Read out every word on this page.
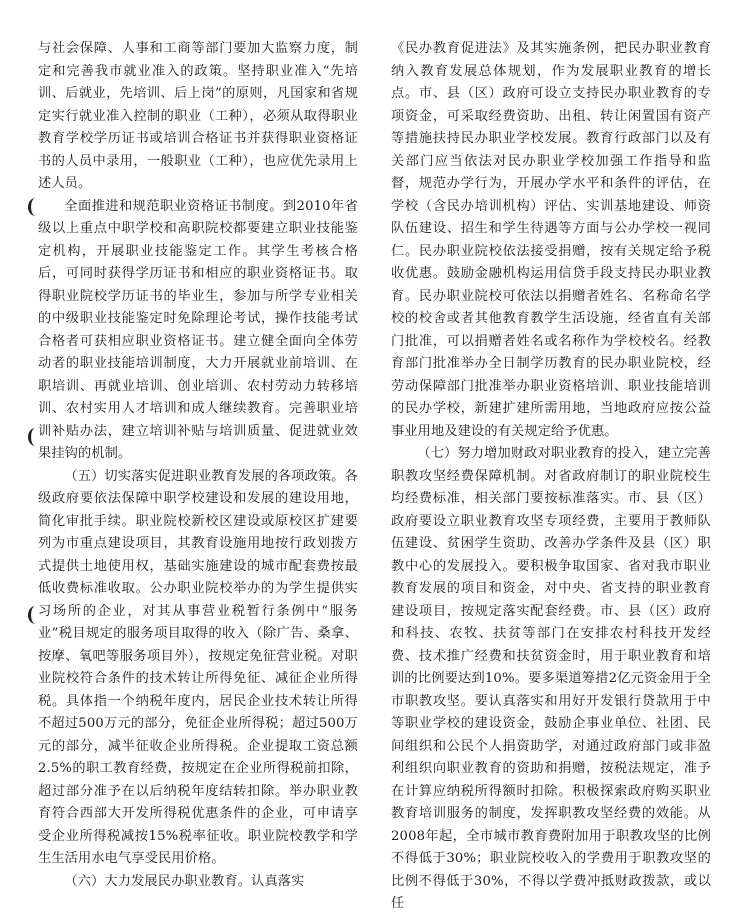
与社会保障、人事和工商等部门要加大监察力度，制定和完善我市就业准入的政策。坚持职业准入“先培训、后就业，先培训、后上岗”的原则，凡国家和省规定实行就业准入控制的职业（工种），必须从取得职业教育学校学历证书或培训合格证书并获得职业资格证书的人员中录用，一般职业（工种），也应优先录用上述人员。

全面推进和规范职业资格证书制度。到2010年省级以上重点中职学校和高职院校都要建立职业技能鉴定机构，开展职业技能鉴定工作。其学生考核合格后，可同时获得学历证书和相应的职业资格证书。取得职业院校学历证书的毕业生，参加与所学专业相关的中级职业技能鉴定时免除理论考试，操作技能考试合格者可获相应职业资格证书。建立健全面向全体劳动者的职业技能培训制度，大力开展就业前培训、在职培训、再就业培训、创业培训、农村劳动力转移培训、农村实用人才培训和成人继续教育。完善职业培训补贴办法，建立培训补贴与培训质量、促进就业效果挂钩的机制。

（五）切实落实促进职业教育发展的各项政策。各级政府要依法保障中职学校建设和发展的建设用地，简化审批手续。职业院校新校区建设或原校区扩建要列为市重点建设项目，其教育设施用地按行政划拨方式提供土地使用权，基础实施建设的城市配套费按最低收费标准收取。公办职业院校举办的为学生提供实习场所的企业，对其从事营业税暂行条例中“服务业”税目规定的服务项目取得的收入（除广告、桑拿、按摩、氧吧等服务项目外），按规定免征营业税。对职业院校符合条件的技术转让所得免征、减征企业所得税。具体指一个纳税年度内，居民企业技术转让所得不超过500万元的部分，免征企业所得税；超过500万元的部分，减半征收企业所得税。企业提取工资总额2.5%的职工教育经费，按规定在企业所得税前扣除，超过部分准予在以后纳税年度结转扣除。举办职业教育符合西部大开发所得税优惠条件的企业，可申请享受企业所得税减按15%税率征收。职业院校教学和学生生活用水电气享受民用价格。

（六）大力发展民办职业教育。认真落实

《民办教育促进法》及其实施条例，把民办职业教育纳入教育发展总体规划，作为发展职业教育的增长点。市、县（区）政府可设立支持民办职业教育的专项资金，可采取经费资助、出租、转让闲置国有资产等措施扶持民办职业学校发展。教育行政部门以及有关部门应当依法对民办职业学校加强工作指导和监督，规范办学行为，开展办学水平和条件的评估，在学校（含民办培训机构）评估、实训基地建设、师资队伍建设、招生和学生待遇等方面与公办学校一视同仁。民办职业院校依法接受捐赠，按有关规定给予税收优惠。鼓励金融机构运用信贷手段支持民办职业教育。民办职业院校可依法以捐赠者姓名、名称命名学校的校舍或者其他教育教学生活设施，经省直有关部门批准，可以捐赠者姓名或名称作为学校校名。经教育部门批准举办全日制学历教育的民办职业院校，经劳动保障部门批准举办职业资格培训、职业技能培训的民办学校，新建扩建所需用地，当地政府应按公益事业用地及建设的有关规定给予优惠。

（七）努力增加财政对职业教育的投入，建立完善职教攻坚经费保障机制。对省政府制订的职业院校生均经费标准，相关部门要按标准落实。市、县（区）政府要设立职业教育攻坚专项经费，主要用于教师队伍建设、贫困学生资助、改善办学条件及县（区）职教中心的发展投入。要积极争取国家、省对我市职业教育发展的项目和资金，对中央、省支持的职业教育建设项目，按规定落实配套经费。市、县（区）政府和科技、农牧、扶贫等部门在安排农村科技开发经费、技术推广经费和扶贫资金时，用于职业教育和培训的比例要达到10%。要多渠道筹措2亿元资金用于全市职教攻坚。要认真落实和用好开发银行贷款用于中等职业学校的建设资金，鼓励企事业单位、社团、民间组织和公民个人捐资助学，对通过政府部门或非盈利组织向职业教育的资助和捐赠，按税法规定，准予在计算应纳税所得额时扣除。积极探索政府购买职业教育培训服务的制度，发挥职教攻坚经费的效能。从2008年起，全市城市教育费附加用于职教攻坚的比例不得低于30%；职业院校收入的学费用于职教攻坚的比例不得低于30%，不得以学费冲抵财政拨款，或以任
